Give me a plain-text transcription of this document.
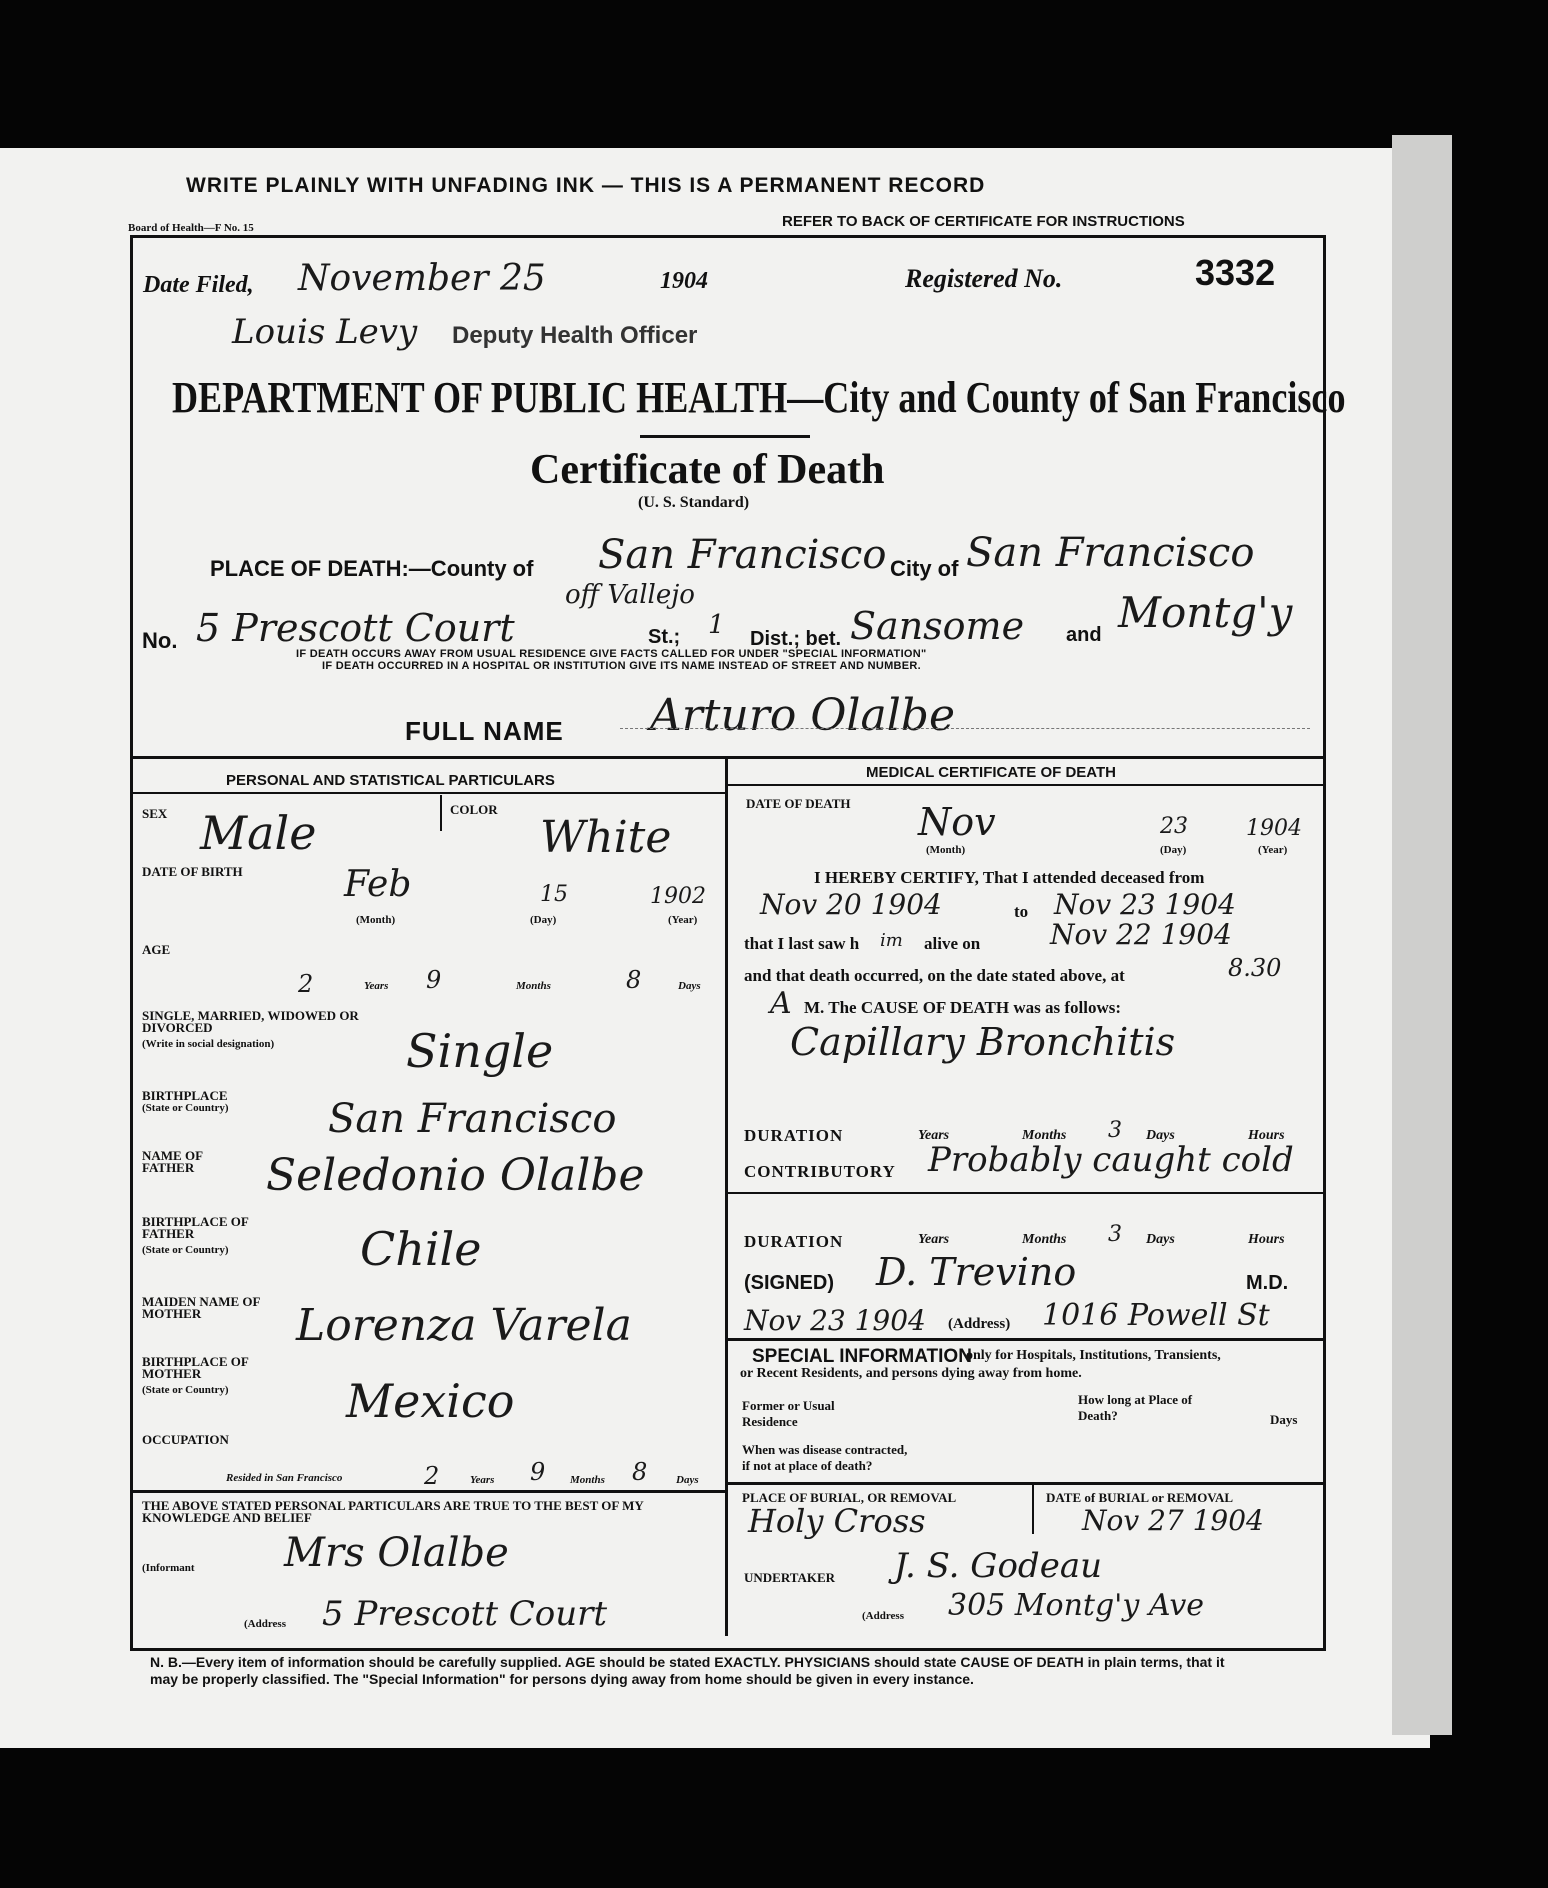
WRITE PLAINLY WITH UNFADING INK — THIS IS A PERMANENT RECORD
Board of Health—F No. 15	REFER TO BACK OF CERTIFICATE FOR INSTRUCTIONS
Date Filed, November 25	1904	Registered No.	3332
Louis Levy Deputy Health Officer
DEPARTMENT OF PUBLIC HEALTH—City and County of San Francisco
Certificate of Death
(U. S. Standard)
PLACE OF DEATH:—County of San Francisco City of San Francisco
No. 5 Prescott Court
off Vallejo
St.; 1 Dist.; bet. Sansome and Montg'y
IF DEATH OCCURS AWAY FROM USUAL RESIDENCE GIVE FACTS CALLED FOR UNDER "SPECIAL INFORMATION"
IF DEATH OCCURRED IN A HOSPITAL OR INSTITUTION GIVE ITS NAME INSTEAD OF STREET AND NUMBER.
FULL NAME Arturo Olalbe
PERSONAL AND STATISTICAL PARTICULARS
SEX Male	COLOR
White
DATE OF BIRTH	Feb	15	1902
(Month)	(Day)	(Year)
AGE
2	Years 9	Months	8	Days
SINGLE, MARRIED, WIDOWED OR DIVORCED
(Write in social designation)	Single
BIRTHPLACE
(State or Country) San Francisco
NAME OF FATHER	Seledonio Olalbe
BIRTHPLACE OF FATHER
(State or Country)	Chile
MAIDEN NAME OF MOTHER	Lorenza Varela
BIRTHPLACE OF MOTHER
(State or Country)	Mexico
OCCUPATION
Resided in San Francisco	2	Years 9 Months 8	Days
THE ABOVE STATED PERSONAL PARTICULARS ARE TRUE TO THE BEST OF MY KNOWLEDGE AND BELIEF
(Informant Mrs Olalbe
(Address 5 Prescott Court
MEDICAL CERTIFICATE OF DEATH
DATE OF DEATH Nov	23	1904
(Month)	(Day)	(Year)
I HEREBY CERTIFY, That I attended deceased from
Nov 20 1904	to Nov 23 1904
that I last saw h im alive on Nov 22 1904
and that death occurred, on the date stated above, at	8.30
A M. The CAUSE OF DEATH was as follows:
Capillary Bronchitis
DURATION	Years	Months 3 Days	Hours
CONTRIBUTORY Probably caught cold
DURATION	Years	Months 3 Days	Hours
(SIGNED) D. Trevino	M.D.
Nov 23 1904 (Address) 1016 Powell St
SPECIAL INFORMATION
only for Hospitals, Institutions, Transients,
or Recent Residents, and persons dying away from home.
Former or Usual Residence
How long at Place of Death?	Days
When was disease contracted, if not at place of death?
PLACE OF BURIAL, OR REMOVAL
Holy Cross
DATE of BURIAL or REMOVAL
Nov 27 1904
UNDERTAKER J. S. Godeau
(Address 305 Montg'y Ave
N. B.—Every item of information should be carefully supplied. AGE should be stated EXACTLY. PHYSICIANS should state CAUSE OF DEATH in plain terms, that it may be properly classified. The "Special Information" for persons dying away from home should be given in every instance.
